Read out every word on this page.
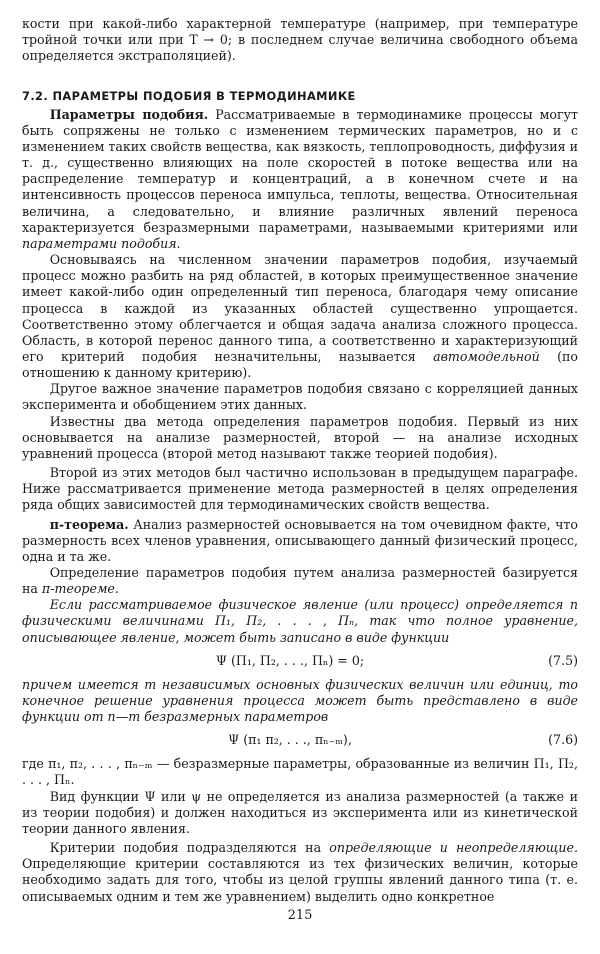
кости при какой-либо характерной температуре (например, при температуре тройной точки или при T → 0; в последнем случае величина свободного объема определяется экстраполяцией).

7.2. ПАРАМЕТРЫ ПОДОБИЯ В ТЕРМОДИНАМИКЕ

Параметры подобия. Рассматриваемые в термодинамике процессы могут быть сопряжены не только с изменением термических параметров, но и с изменением таких свойств вещества, как вязкость, теплопроводность, диффузия и т. д., существенно влияющих на поле скоростей в потоке вещества или на распределение температур и концентраций, а в конечном счете и на интенсивность процессов переноса импульса, теплоты, вещества. Относительная величина, а следовательно, и влияние различных явлений переноса характеризуется безразмерными параметрами, называемыми критериями или параметрами подобия.

Основываясь на численном значении параметров подобия, изучаемый процесс можно разбить на ряд областей, в которых преимущественное значение имеет какой-либо один определенный тип переноса, благодаря чему описание процесса в каждой из указанных областей существенно упрощается. Соответственно этому облегчается и общая задача анализа сложного процесса. Область, в которой перенос данного типа, а соответственно и характеризующий его критерий подобия незначительны, называется автомодельной (по отношению к данному критерию).

Другое важное значение параметров подобия связано с корреляцией данных эксперимента и обобщением этих данных.

Известны два метода определения параметров подобия. Первый из них основывается на анализе размерностей, второй — на анализе исходных уравнений процесса (второй метод называют также теорией подобия).

Второй из этих методов был частично использован в предыдущем параграфе. Ниже рассматривается применение метода размерностей в целях определения ряда общих зависимостей для термодинамических свойств вещества.

π-теорема. Анализ размерностей основывается на том очевидном факте, что размерность всех членов уравнения, описывающего данный физический процесс, одна и та же.

Определение параметров подобия путем анализа размерностей базируется на π-теореме.

Если рассматриваемое физическое явление (или процесс) определяется n физическими величинами Π₁, Π₂, . . . , Πₙ, так что полное уравнение, описывающее явление, может быть записано в виде функции

Ψ (Π₁, Π₂, . . ., Πₙ) = 0;	(7.5)

причем имеется m независимых основных физических величин или единиц, то конечное решение уравнения процесса может быть представлено в виде функции от n—m безразмерных параметров

Ψ (π₁ π₂, . . ., πₙ₋ₘ),	(7.6)

где π₁, π₂, . . . , πₙ₋ₘ — безразмерные параметры, образованные из величин Π₁, Π₂, . . . , Πₙ.

Вид функции Ψ или ψ не определяется из анализа размерностей (а также и из теории подобия) и должен находиться из эксперимента или из кинетической теории данного явления.

Критерии подобия подразделяются на определяющие и неопределяющие. Определяющие критерии составляются из тех физических величин, которые необходимо задать для того, чтобы из целой группы явлений данного типа (т. е. описываемых одним и тем же уравнением) выделить одно конкретное

215
